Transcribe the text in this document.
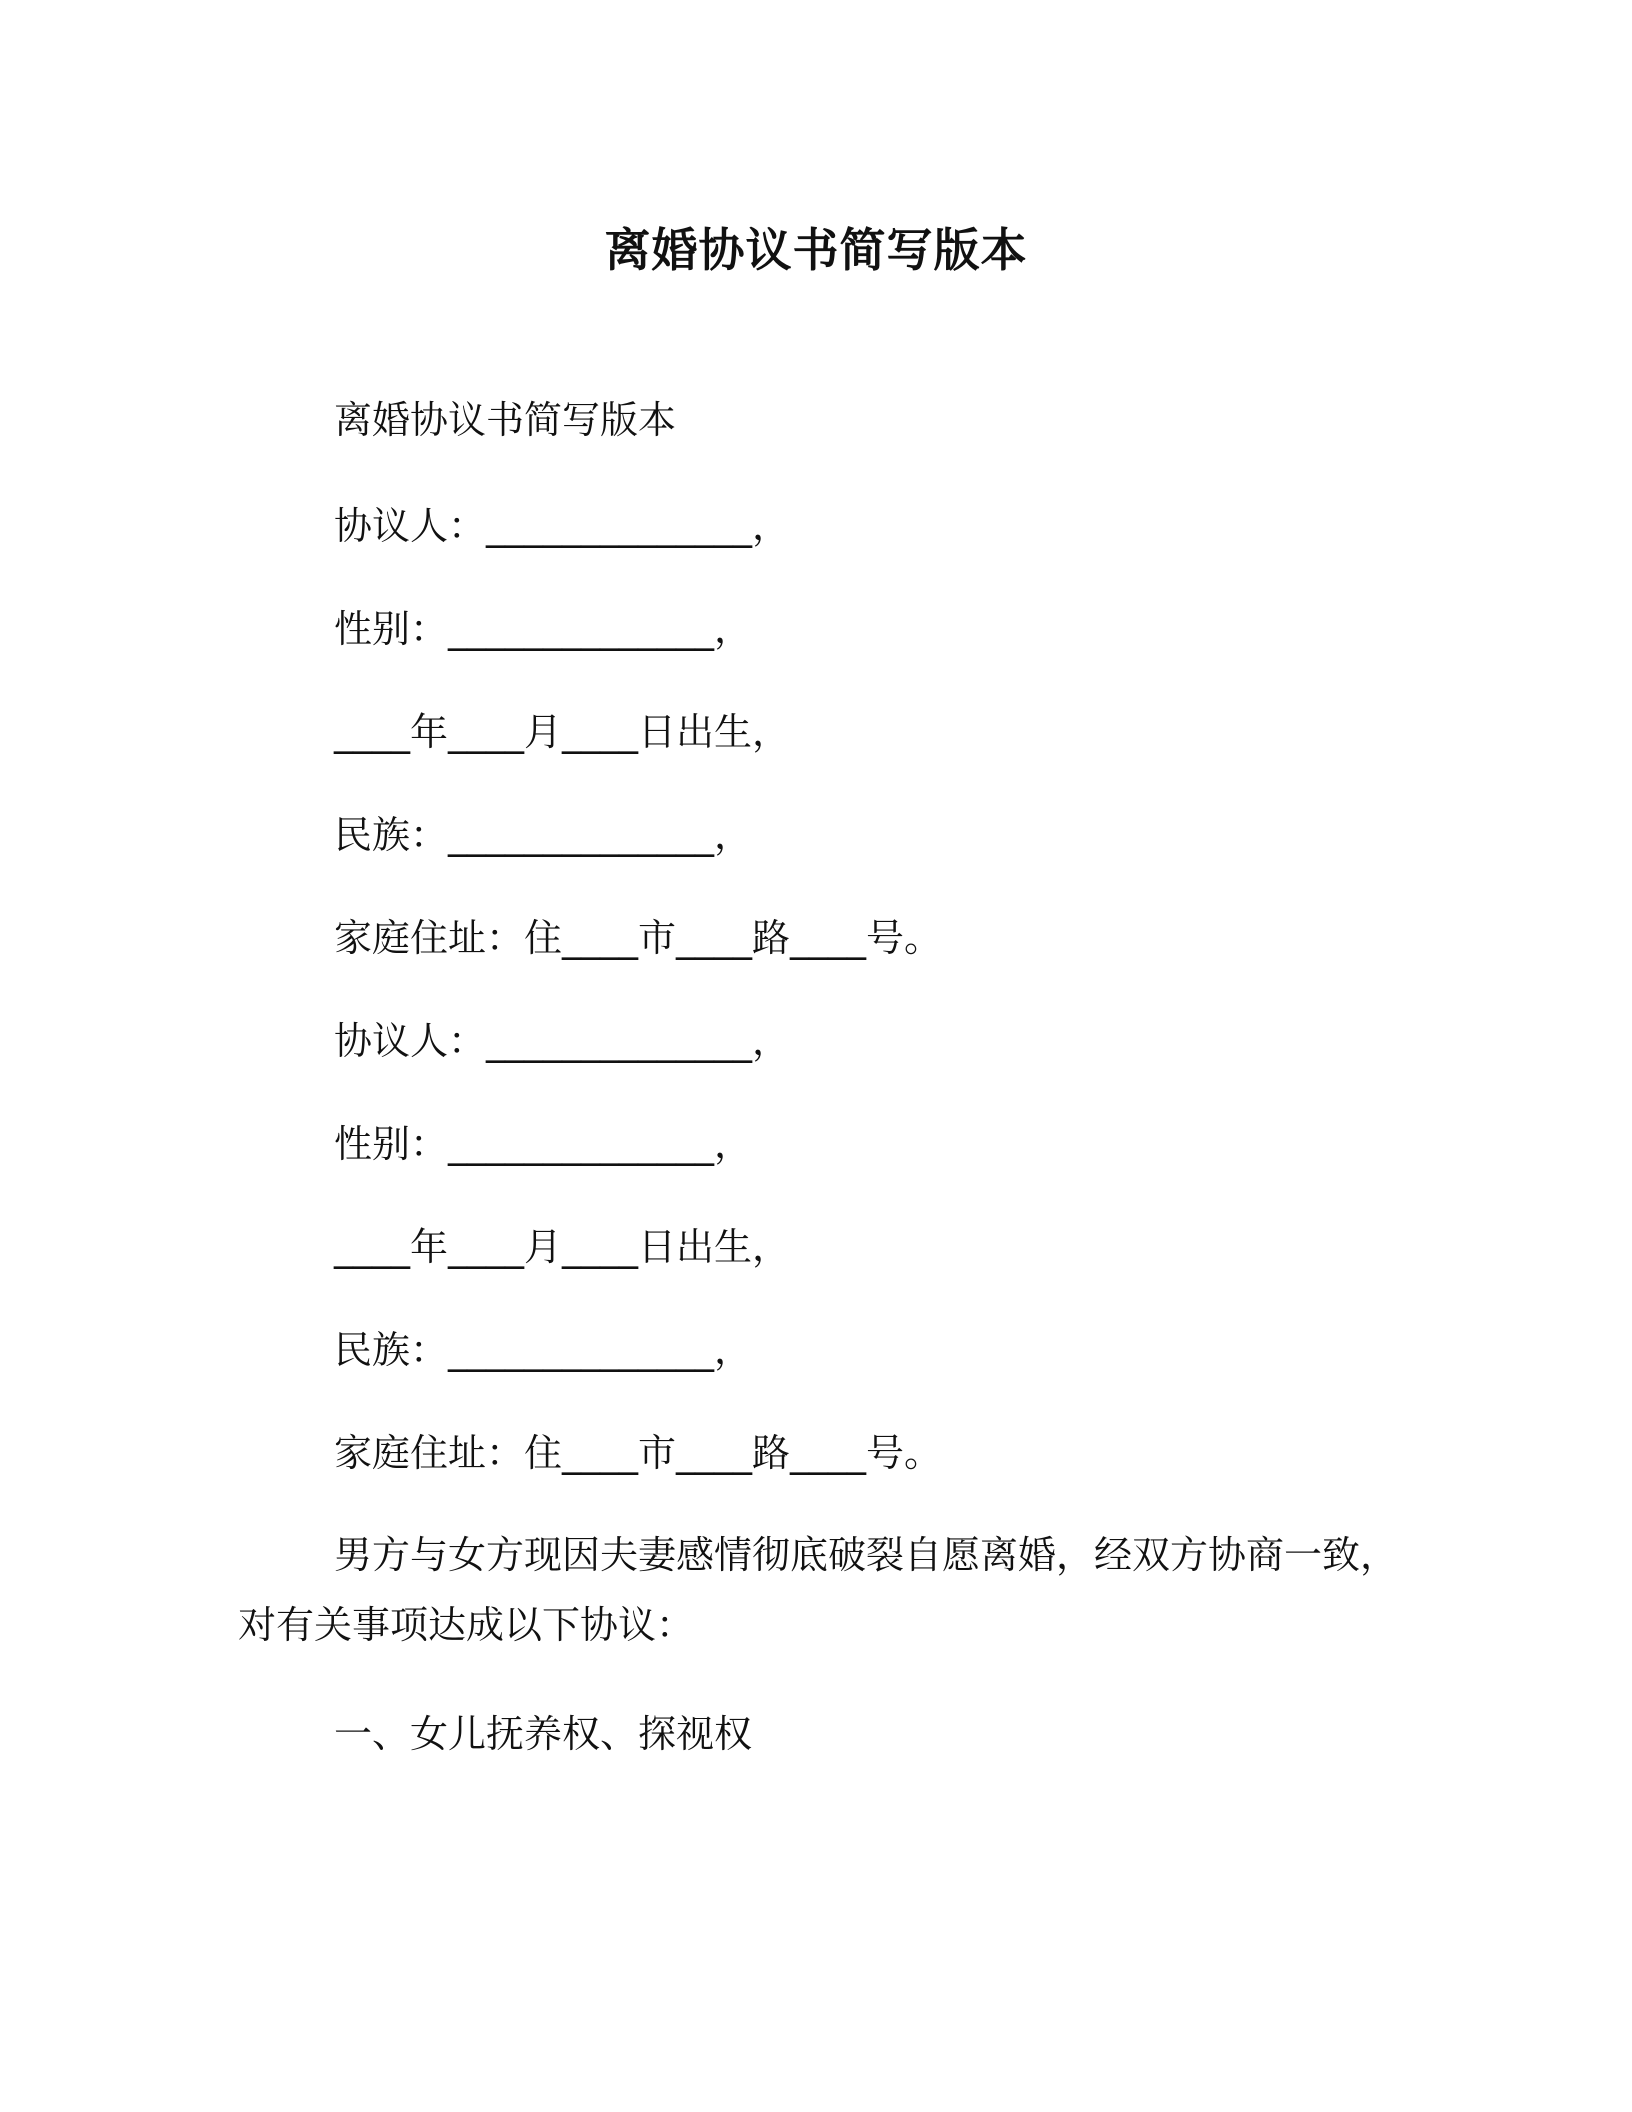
离婚协议书简写版本
离婚协议书简写版本
协议人：______________，
性别：______________，
____年____月____日出生，
民族：______________，
家庭住址：住____市____路____号。
协议人：______________，
性别：______________，
____年____月____日出生，
民族：______________，
家庭住址：住____市____路____号。
男方与女方现因夫妻感情彻底破裂自愿离婚，经双方协商一致，对有关事项达成以下协议：
一、女儿抚养权、探视权
